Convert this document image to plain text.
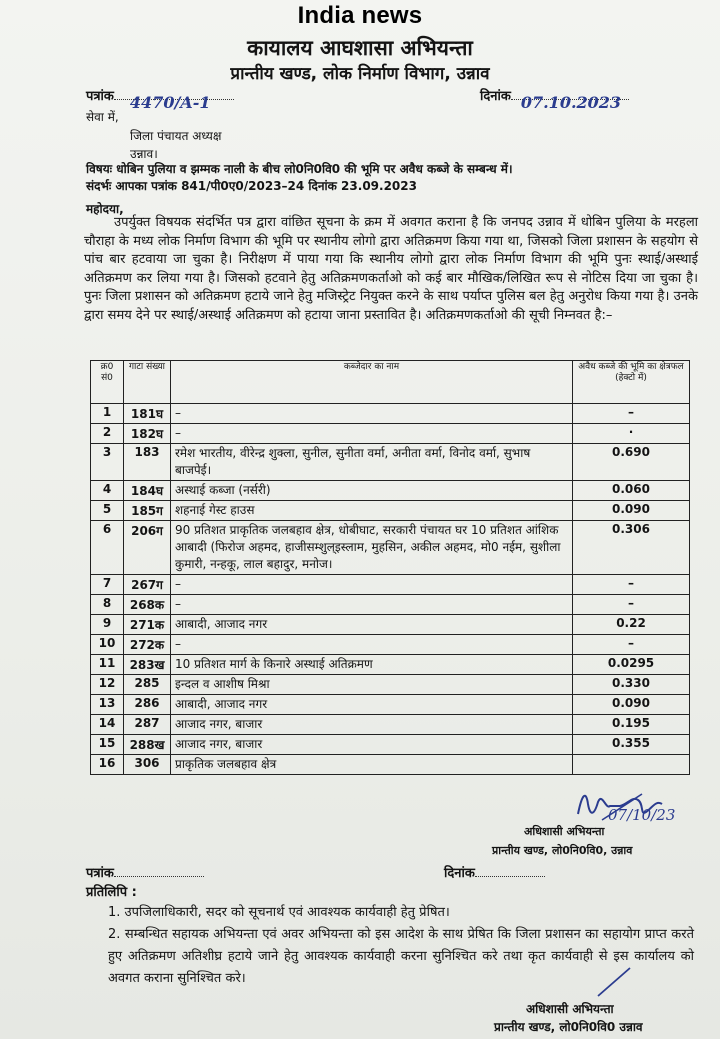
India news
कायालय आघशासा अभियन्ता
प्रान्तीय खण्ड, लोक निर्माण विभाग, उन्नाव
पत्रांक 4470/A-1	दिनांक 07.10.2023
सेवा में,
जिला पंचायत अध्यक्ष
उन्नाव।
विषयः धोबिन पुलिया व झम्मक नाली के बीच लो0नि0वि0 की भूमि पर अवैध कब्जे के सम्बन्ध में।
संदर्भः आपका पत्रांक 841/पी0ए0/2023–24 दिनांक 23.09.2023
महोदया,
उपर्युक्त विषयक संदर्भित पत्र द्वारा वांछित सूचना के क्रम में अवगत कराना है कि जनपद उन्नाव में धोबिन पुलिया के मरहला चौराहा के मध्य लोक निर्माण विभाग की भूमि पर स्थानीय लोगो द्वारा अतिक्रमण किया गया था, जिसको जिला प्रशासन के सहयोग से पांच बार हटवाया जा चुका है। निरीक्षण में पाया गया कि स्थानीय लोगो द्वारा लोक निर्माण विभाग की भूमि पुनः स्थाई/अस्थाई अतिक्रमण कर लिया गया है। जिसको हटवाने हेतु अतिक्रमणकर्ताओ को कई बार मौखिक/लिखित रूप से नोटिस दिया जा चुका है। पुनः जिला प्रशासन को अतिक्रमण हटाये जाने हेतु मजिस्ट्रेट नियुक्त करने के साथ पर्याप्त पुलिस बल हेतु अनुरोध किया गया है। उनके द्वारा समय देने पर स्थाई/अस्थाई अतिक्रमण को हटाया जाना प्रस्तावित है। अतिक्रमणकर्ताओ की सूची निम्नवत है:–
क्र0 सं0	गाटा संख्या	कब्जेदार का नाम	अवैध कब्जे की भूमि का क्षेत्रफल (हेक्टो में)
1	181घ	–	–
2	182घ	–	·
3	183	रमेश भारतीय, वीरेन्द्र शुक्ला, सुनील, सुनीता वर्मा, अनीता वर्मा, विनोद वर्मा, सुभाष बाजपेई।	0.690
4	184घ	अस्थाई कब्जा (नर्सरी)	0.060
5	185ग	शहनाई गेस्ट हाउस	0.090
6	206ग	90 प्रतिशत प्राकृतिक जलबहाव क्षेत्र, धोबीघाट, सरकारी पंचायत घर 10 प्रतिशत आंशिक आबादी (फिरोज अहमद, हाजीसम्शुल्इस्लाम, मुहसिन, अकील अहमद, मो0 नईम, सुशीला कुमारी, नन्हकू, लाल बहादुर, मनोज।	0.306
7	267ग	–	–
8	268क	–	–
9	271क	आबादी, आजाद नगर	0.22
10	272क	–	–
11	283ख	10 प्रतिशत मार्ग के किनारे अस्थाई अतिक्रमण	0.0295
12	285	इन्दल व आशीष मिश्रा	0.330
13	286	आबादी, आजाद नगर	0.090
14	287	आजाद नगर, बाजार	0.195
15	288ख	आजाद नगर, बाजार	0.355
16	306	प्राकृतिक जलबहाव क्षेत्र	
07/10/23
अधिशासी अभियन्ता
प्रान्तीय खण्ड, लो0नि0वि0, उन्नाव
पत्रांक	दिनांक
प्रतिलिपि :
1. उपजिलाधिकारी, सदर को सूचनार्थ एवं आवश्यक कार्यवाही हेतु प्रेषित।
2. सम्बन्धित सहायक अभियन्ता एवं अवर अभियन्ता को इस आदेश के साथ प्रेषित कि जिला प्रशासन का सहायोग प्राप्त करते हुए अतिक्रमण अतिशीघ्र हटाये जाने हेतु आवश्यक कार्यवाही करना सुनिश्चित करे तथा कृत कार्यवाही से इस कार्यालय को अवगत कराना सुनिश्चित करे।
अधिशासी अभियन्ता
प्रान्तीय खण्ड, लो0नि0वि0 उन्नाव
